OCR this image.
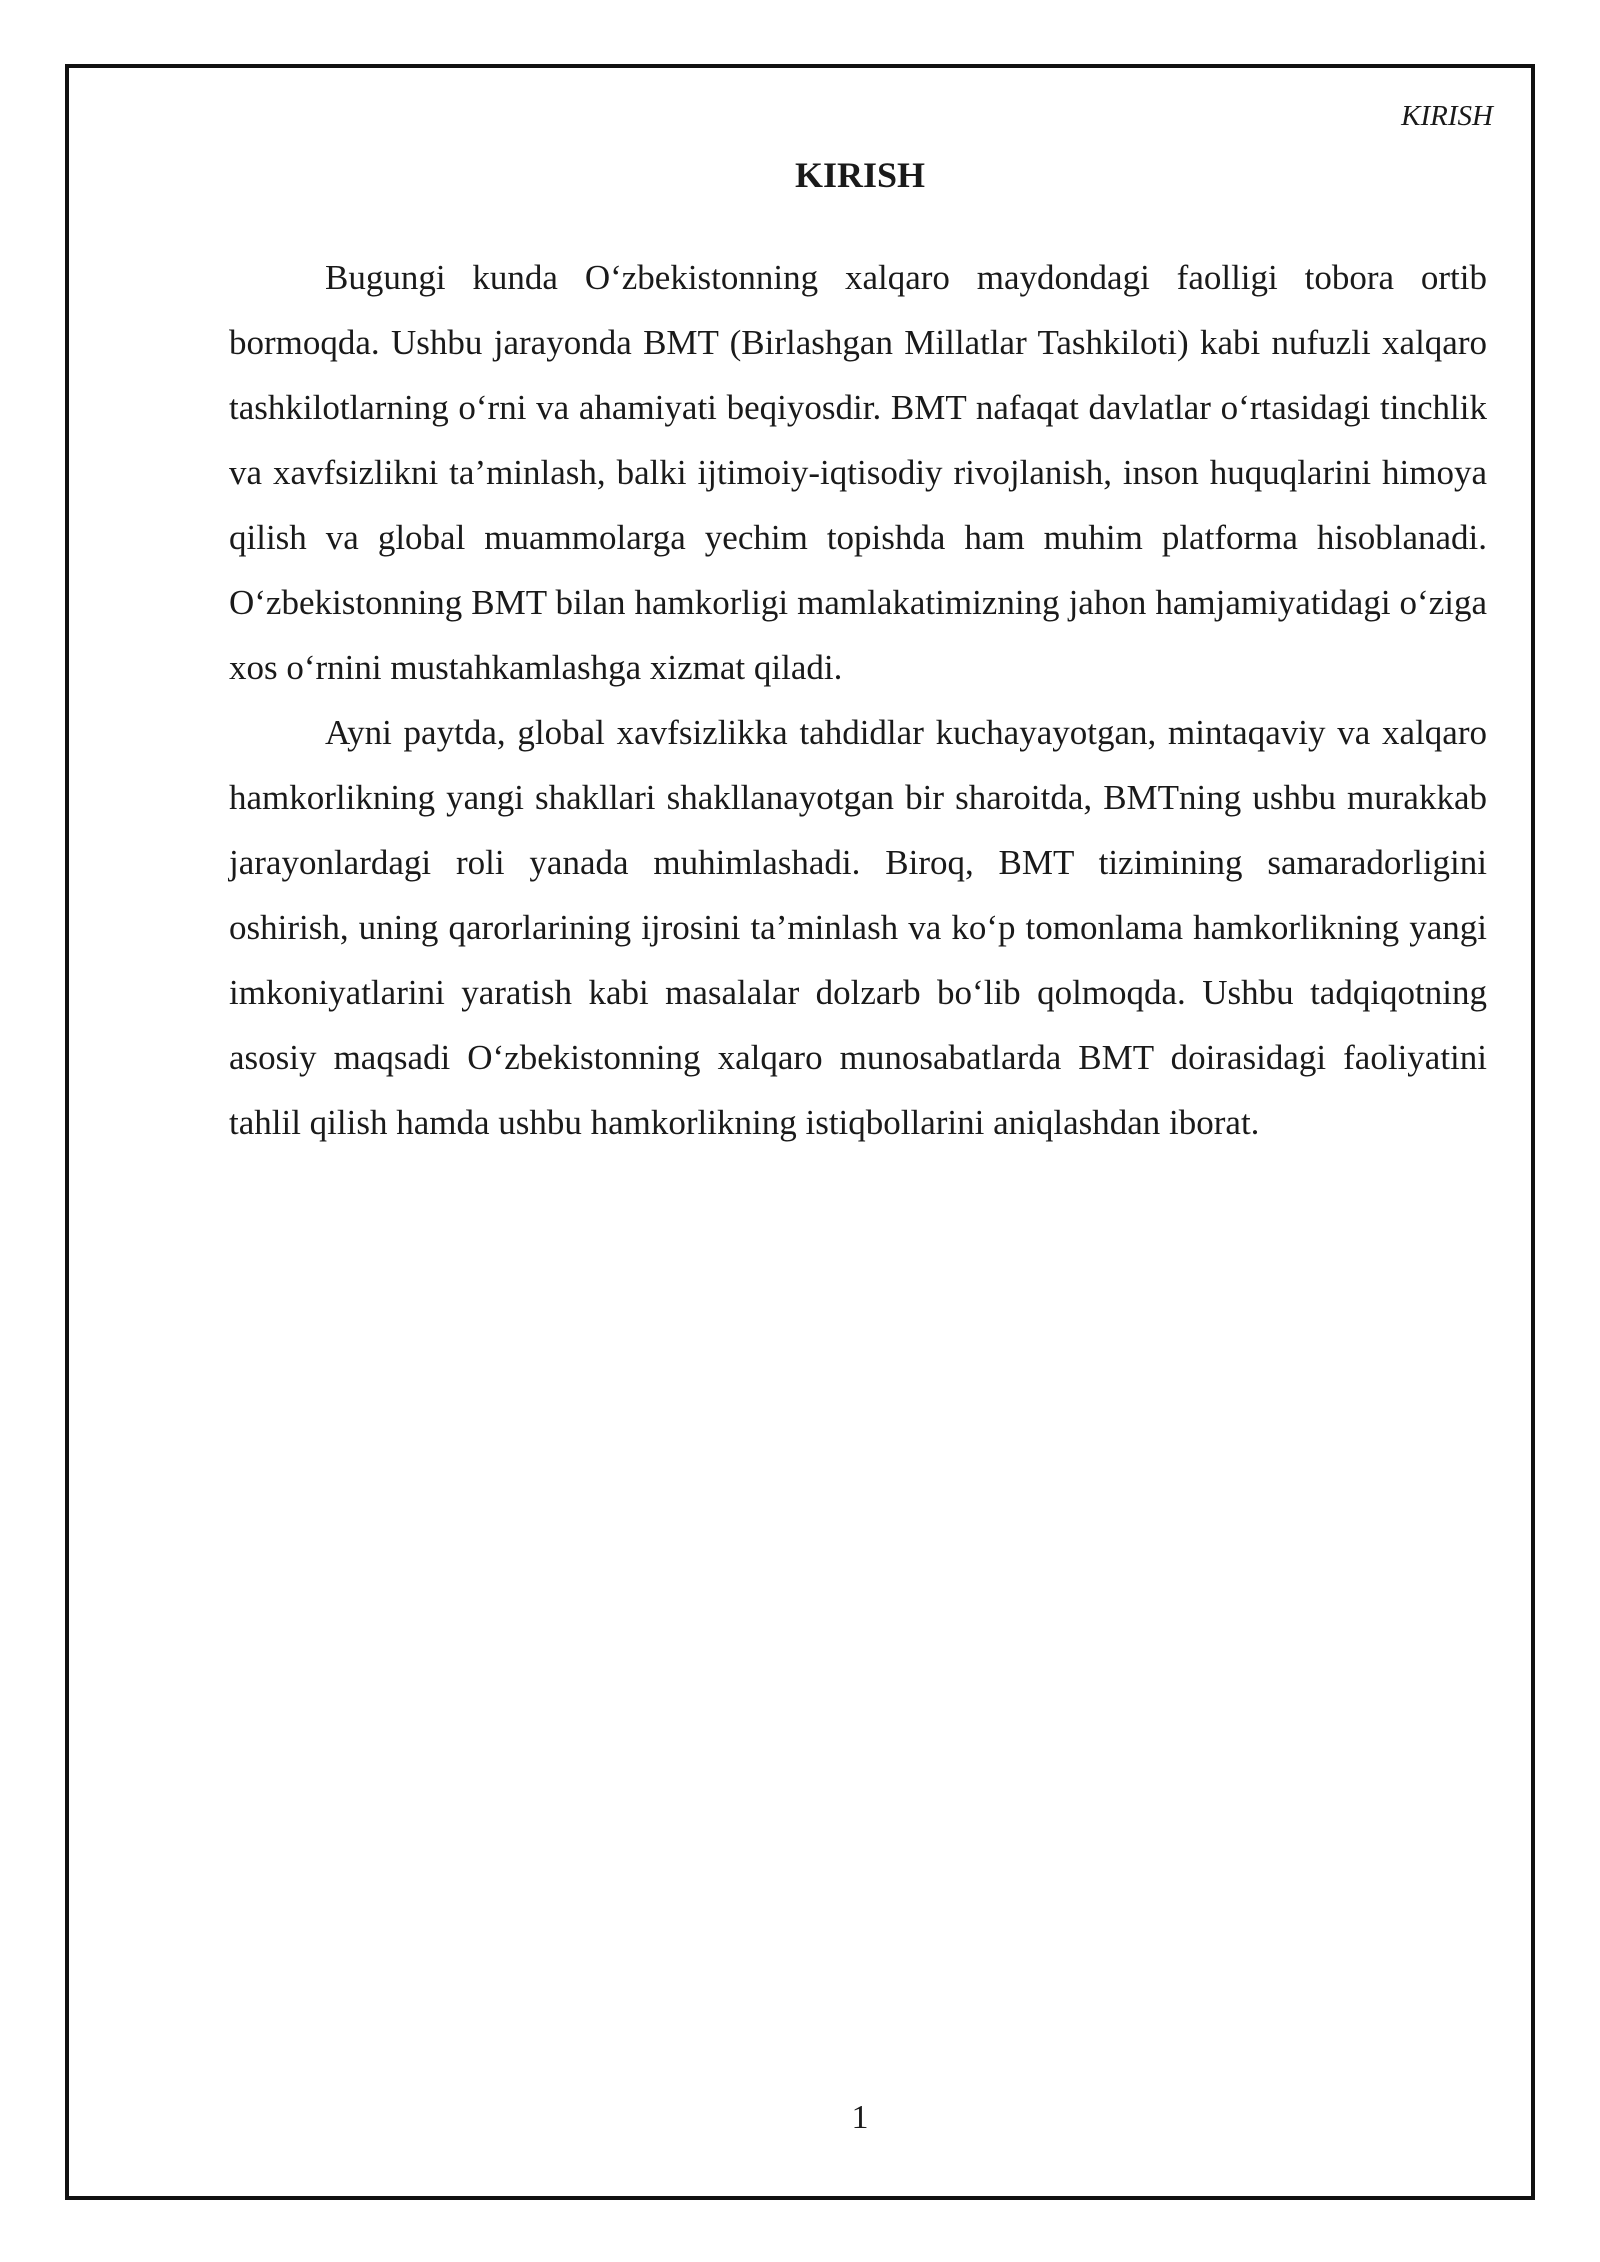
KIRISH
KIRISH

Bugungi kunda O‘zbekistonning xalqaro maydondagi faolligi tobora ortib bormoqda. Ushbu jarayonda BMT (Birlashgan Millatlar Tashkiloti) kabi nufuzli xalqaro tashkilotlarning o‘rni va ahamiyati beqiyosdir. BMT nafaqat davlatlar o‘rtasidagi tinchlik va xavfsizlikni ta’minlash, balki ijtimoiy-iqtisodiy rivojlanish, inson huquqlarini himoya qilish va global muammolarga yechim topishda ham muhim platforma hisoblanadi. O‘zbekistonning BMT bilan hamkorligi mamlakatimizning jahon hamjamiyatidagi o‘ziga xos o‘rnini mustahkamlashga xizmat qiladi.

Ayni paytda, global xavfsizlikka tahdidlar kuchayayotgan, mintaqaviy va xalqaro hamkorlikning yangi shakllari shakllanayotgan bir sharoitda, BMTning ushbu murakkab jarayonlardagi roli yanada muhimlashadi. Biroq, BMT tizimining samaradorligini oshirish, uning qarorlarining ijrosini ta’minlash va ko‘p tomonlama hamkorlikning yangi imkoniyatlarini yaratish kabi masalalar dolzarb bo‘lib qolmoqda. Ushbu tadqiqotning asosiy maqsadi O‘zbekistonning xalqaro munosabatlarda BMT doirasidagi faoliyatini tahlil qilish hamda ushbu hamkorlikning istiqbollarini aniqlashdan iborat.

1
